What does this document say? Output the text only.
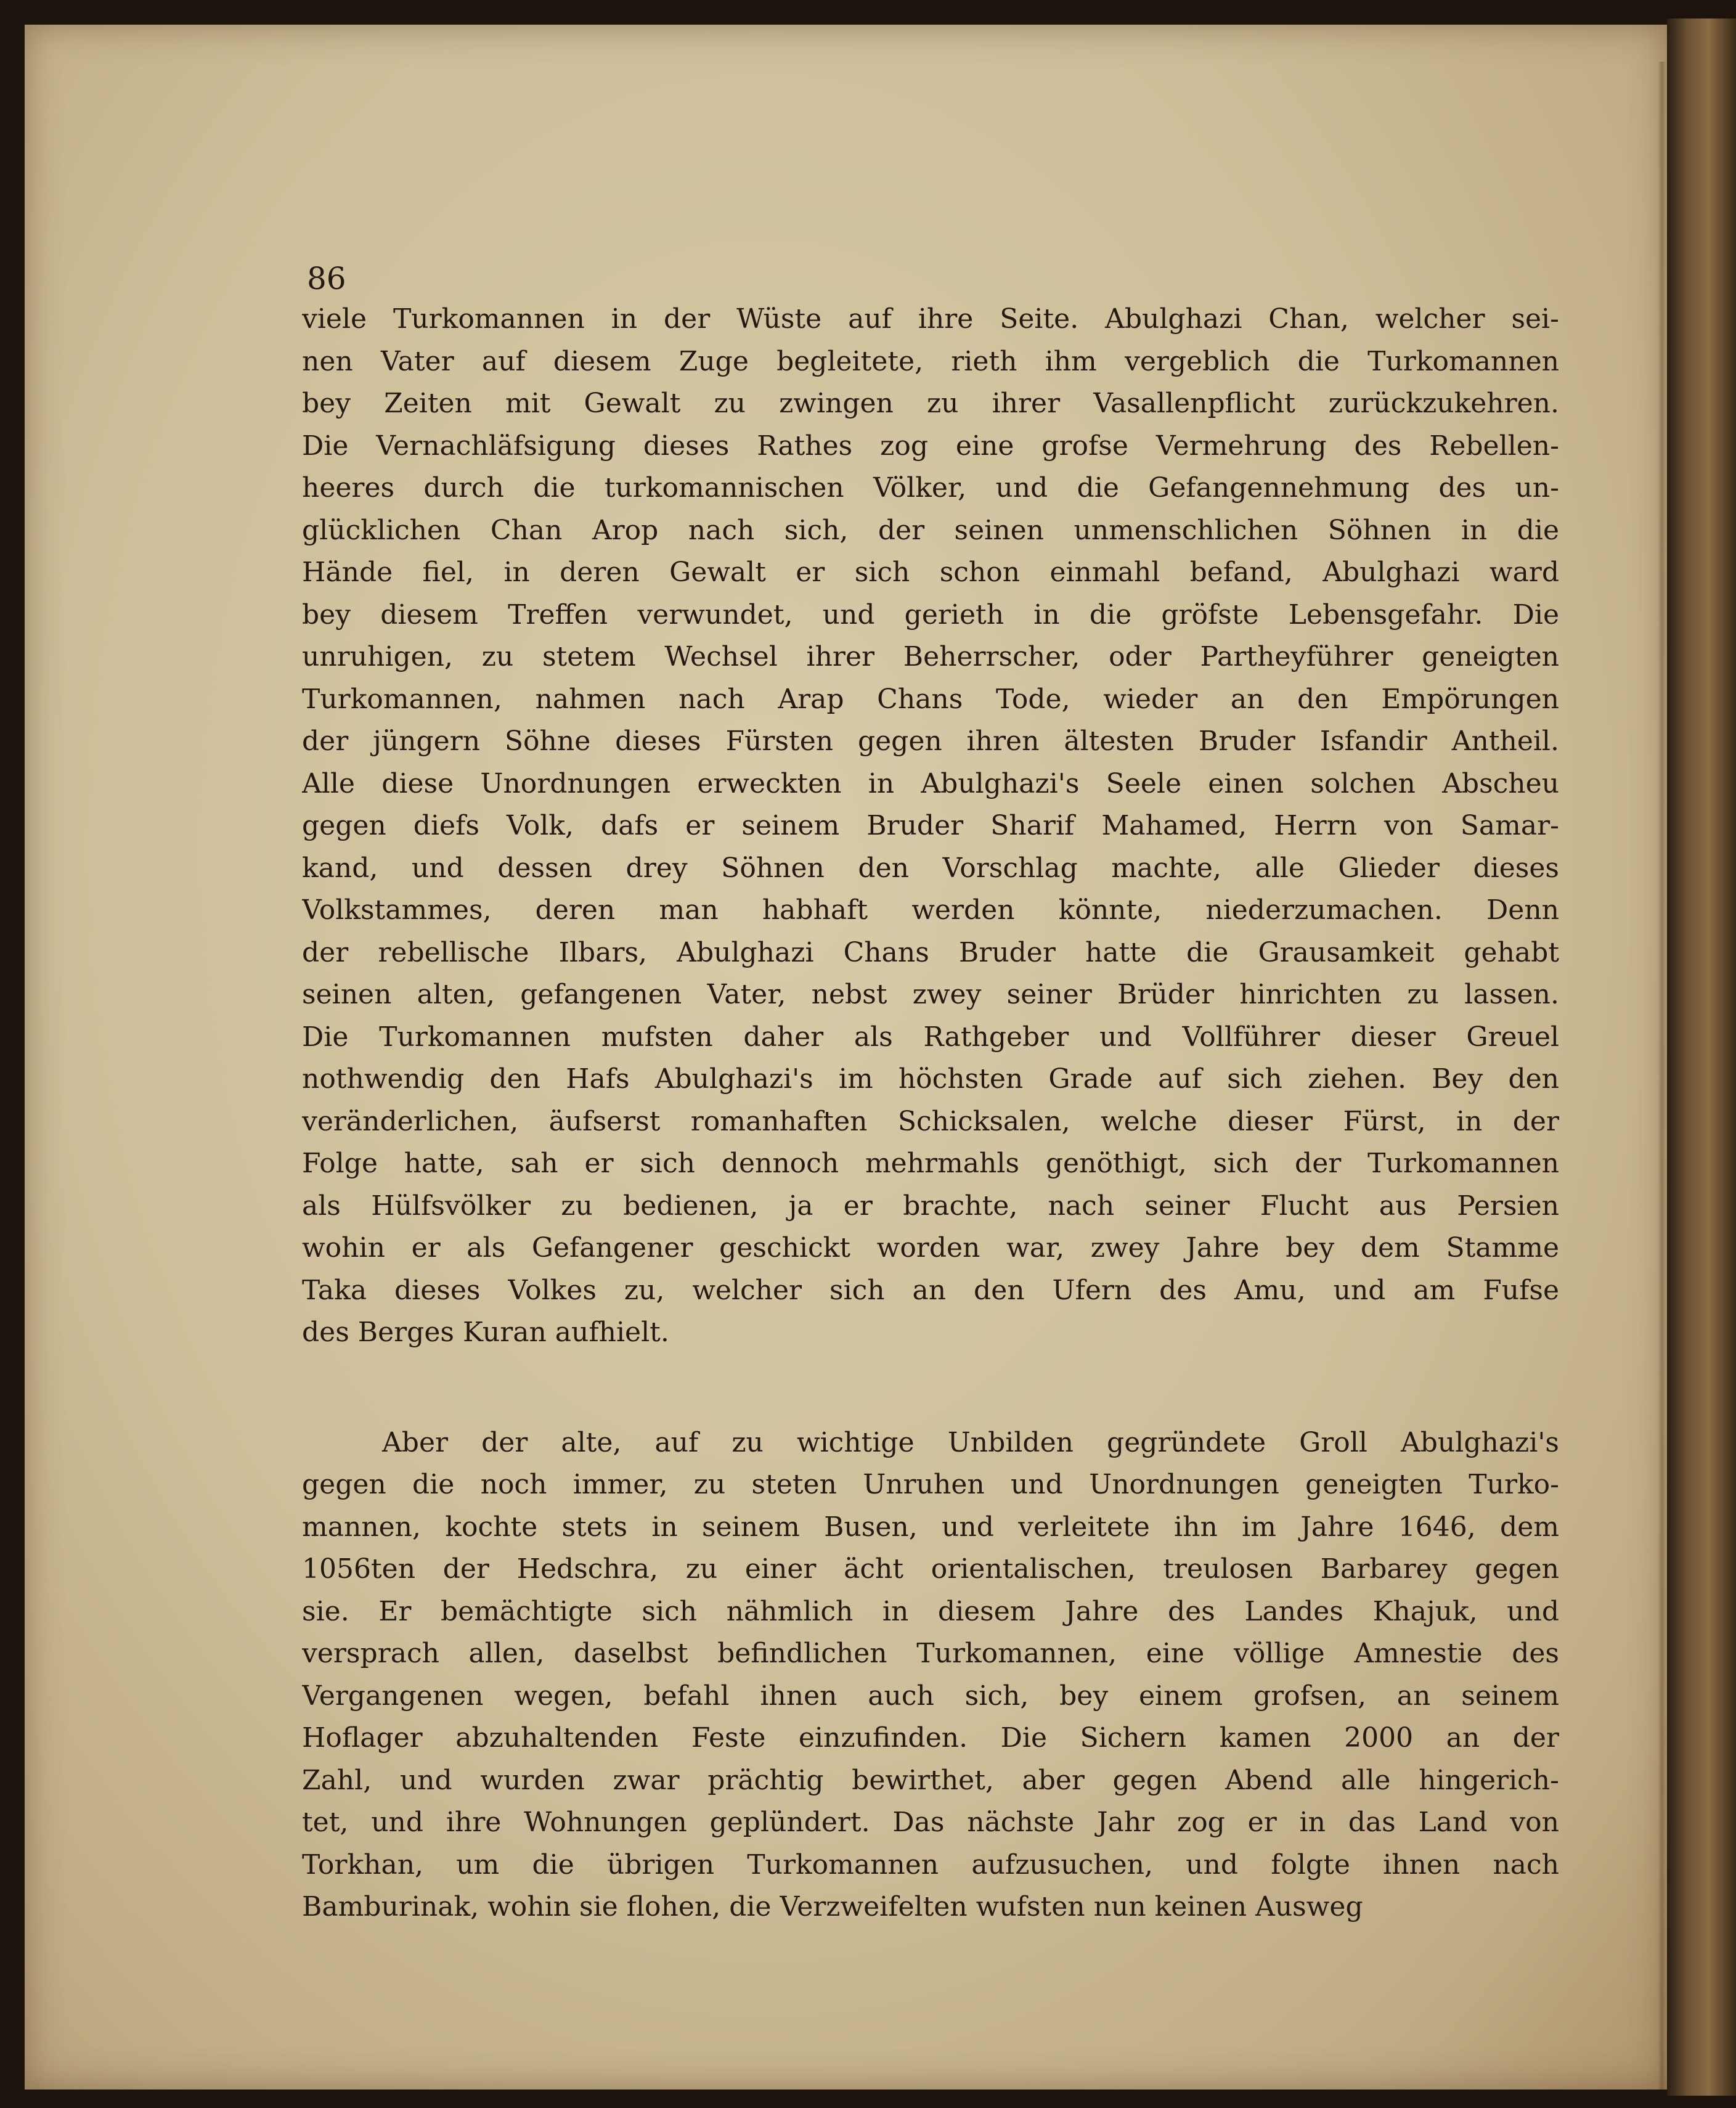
86
viele Turkomannen in der Wüste auf ihre Seite. Abulghazi Chan, welcher sei-
nen Vater auf diesem Zuge begleitete, rieth ihm vergeblich die Turkomannen
bey Zeiten mit Gewalt zu zwingen zu ihrer Vasallenpflicht zurückzukehren.
Die Vernachläfsigung dieses Rathes zog eine grofse Vermehrung des Rebellen-
heeres durch die turkomannischen Völker, und die Gefangennehmung des un-
glücklichen Chan Arop nach sich, der seinen unmenschlichen Söhnen in die
Hände fiel, in deren Gewalt er sich schon einmahl befand, Abulghazi ward
bey diesem Treffen verwundet, und gerieth in die gröfste Lebensgefahr. Die
unruhigen, zu stetem Wechsel ihrer Beherrscher, oder Partheyführer geneigten
Turkomannen, nahmen nach Arap Chans Tode, wieder an den Empörungen
der jüngern Söhne dieses Fürsten gegen ihren ältesten Bruder Isfandir Antheil.
Alle diese Unordnungen erweckten in Abulghazi's Seele einen solchen Abscheu
gegen diefs Volk, dafs er seinem Bruder Sharif Mahamed, Herrn von Samar-
kand, und dessen drey Söhnen den Vorschlag machte, alle Glieder dieses
Volkstammes, deren man habhaft werden könnte, niederzumachen. Denn
der rebellische Ilbars, Abulghazi Chans Bruder hatte die Grausamkeit gehabt
seinen alten, gefangenen Vater, nebst zwey seiner Brüder hinrichten zu lassen.
Die Turkomannen mufsten daher als Rathgeber und Vollführer dieser Greuel
nothwendig den Hafs Abulghazi's im höchsten Grade auf sich ziehen. Bey den
veränderlichen, äufserst romanhaften Schicksalen, welche dieser Fürst, in der
Folge hatte, sah er sich dennoch mehrmahls genöthigt, sich der Turkomannen
als Hülfsvölker zu bedienen, ja er brachte, nach seiner Flucht aus Persien
wohin er als Gefangener geschickt worden war, zwey Jahre bey dem Stamme
Taka dieses Volkes zu, welcher sich an den Ufern des Amu, und am Fufse
des Berges Kuran aufhielt.
Aber der alte, auf zu wichtige Unbilden gegründete Groll Abulghazi's
gegen die noch immer, zu steten Unruhen und Unordnungen geneigten Turko-
mannen, kochte stets in seinem Busen, und verleitete ihn im Jahre 1646, dem
1056ten der Hedschra, zu einer ächt orientalischen, treulosen Barbarey gegen
sie. Er bemächtigte sich nähmlich in diesem Jahre des Landes Khajuk, und
versprach allen, daselbst befindlichen Turkomannen, eine völlige Amnestie des
Vergangenen wegen, befahl ihnen auch sich, bey einem grofsen, an seinem
Hoflager abzuhaltenden Feste einzufinden. Die Sichern kamen 2000 an der
Zahl, und wurden zwar prächtig bewirthet, aber gegen Abend alle hingerich-
tet, und ihre Wohnungen geplündert. Das nächste Jahr zog er in das Land von
Torkhan, um die übrigen Turkomannen aufzusuchen, und folgte ihnen nach
Bamburinak, wohin sie flohen, die Verzweifelten wufsten nun keinen Ausweg
